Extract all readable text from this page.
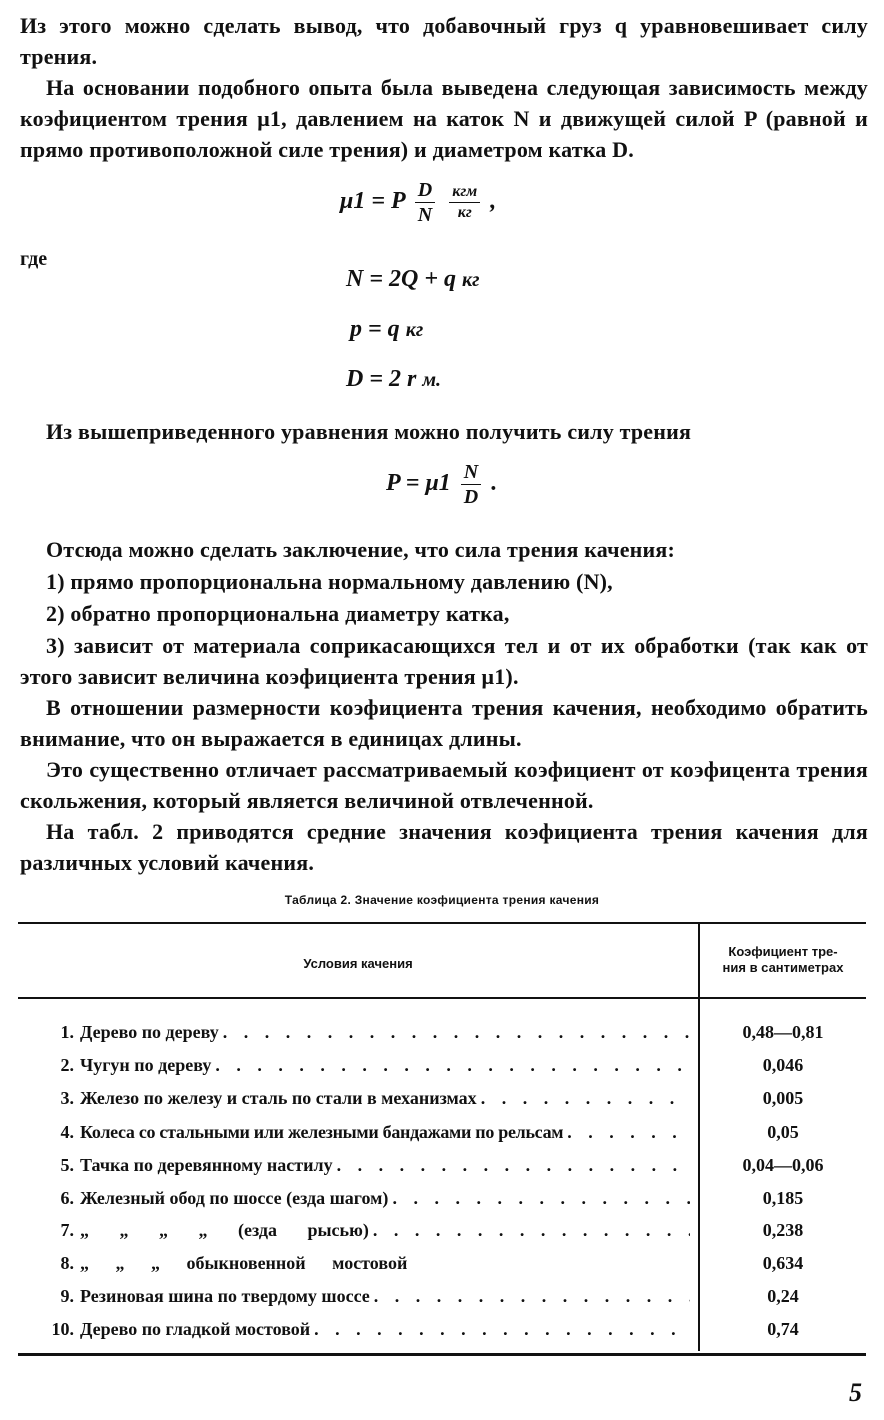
Из этого можно сделать вывод, что добавочный груз q уравновешивает силу трения.
На основании подобного опыта была выведена следующая зависимость между коэфициентом трения μ1, давлением на каток N и движущей силой P (равной и прямо противоположной силе трения) и диаметром катка D.
μ1 = P $\frac{D}{N}$
$\frac{\text{кгм}}{кг}$ ,
где
N = 2Q + q кг
p = q кг
D = 2 r м.
Из вышеприведенного уравнения можно получить силу трения
$P = \mu 1 \frac{N}{D}$ .
Отсюда можно сделать заключение, что сила трения качения:
1) прямо пропорциональна нормальному давлению (N),
2) обратно пропорциональна диаметру катка,
3) зависит от материала соприкасающихся тел и от их обработки (так как от этого зависит величина коэфициента трения μ1).
В отношении размерности коэфициента трения качения, необходимо обратить внимание, что он выражается в единицах длины.
Это существенно отличает рассматриваемый коэфициент от коэфицента трения скольжения, который является величиной отвлеченной.
На табл. 2 приводятся средние значения коэфициента трения качения для различных условий качения.
Таблица 2. Значение коэфициента трения качения
Условия качения
Коэфициент тре-
ния в сантиметрах
1. Дерево по дереву . . .	0,48—0,81
2. Чугун по дереву . . .	0,046
3. Железо по железу и сталь по стали в механизмах . . .	0,005
4. Колеса со стальными или железными бандажами по рельсам . . .	0,05
5. Тачка по деревянному настилу . . .	0,04—0,06
6. Железный обод по шоссе (езда шагом) . . .	0,185
7. „ „ „ „ (езда рысью) . . .	0,238
8. „ „ „ обыкновенной мостовой	0,634
9. Резиновая шина по твердому шоссе . . .	0,24
10. Дерево по гладкой мостовой . . .	0,74
5
